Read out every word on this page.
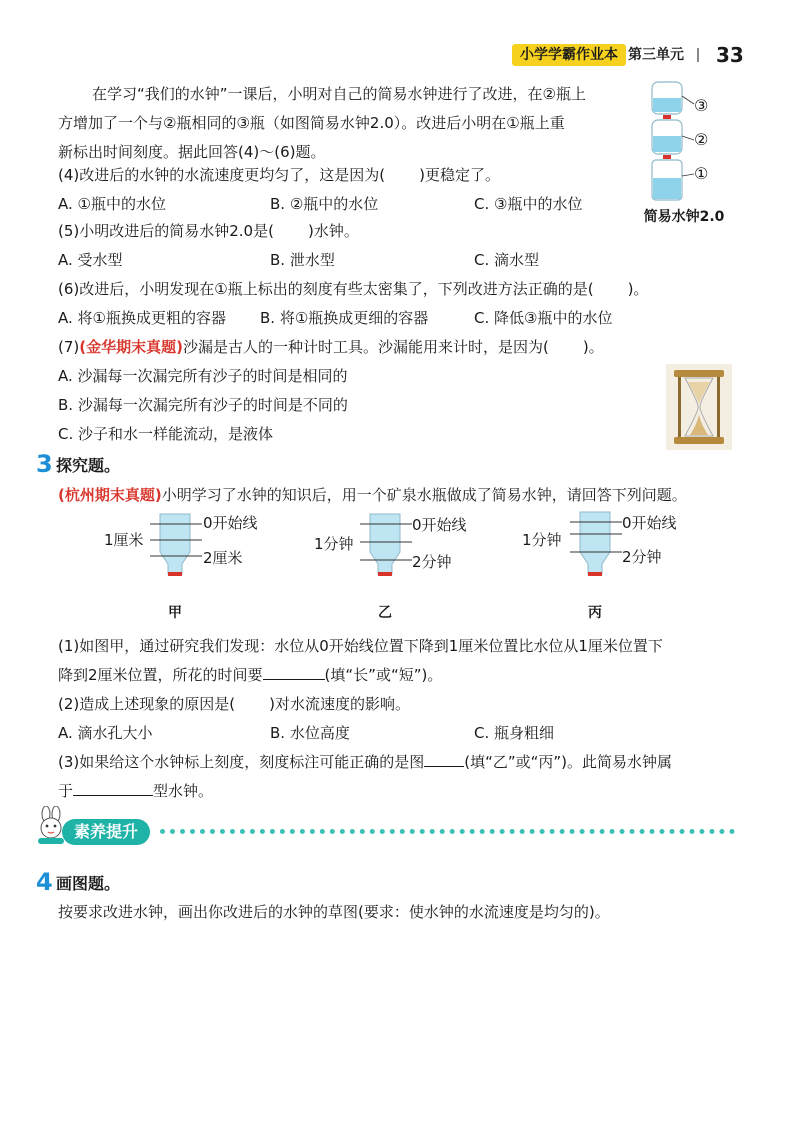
小学学霸作业本 第三单元 33
在学习“我们的水钟”一课后，小明对自己的简易水钟进行了改进，在②瓶上
方增加了一个与②瓶相同的③瓶（如图简易水钟2.0）。改进后小明在①瓶上重
新标出时间刻度。据此回答(4)～(6)题。
③
②
①
简易水钟2.0
(4)改进后的水钟的水流速度更均匀了，这是因为( )更稳定了。
A. ①瓶中的水位	B. ②瓶中的水位	C. ③瓶中的水位
(5)小明改进后的简易水钟2.0是( )水钟。
A. 受水型	B. 泄水型	C. 滴水型
(6)改进后，小明发现在①瓶上标出的刻度有些太密集了，下列改进方法正确的是( )。
A. 将①瓶换成更粗的容器 B. 将①瓶换成更细的容器	C. 降低③瓶中的水位
(7)(金华期末真题)沙漏是古人的一种计时工具。沙漏能用来计时，是因为( )。
A. 沙漏每一次漏完所有沙子的时间是相同的
B. 沙漏每一次漏完所有沙子的时间是不同的
C. 沙子和水一样能流动，是液体
3 探究题。
(杭州期末真题)小明学习了水钟的知识后，用一个矿泉水瓶做成了简易水钟，请回答下列问题。
0开始线
1厘米
2厘米
甲
0开始线
1分钟
2分钟
乙
0开始线
1分钟
2分钟
丙
(1)如图甲，通过研究我们发现：水位从0开始线位置下降到1厘米位置比水位从1厘米位置下
降到2厘米位置，所花的时间要	(填“长”或“短”)。
(2)造成上述现象的原因是( )对水流速度的影响。
A. 滴水孔大小	B. 水位高度	C. 瓶身粗细
(3)如果给这个水钟标上刻度，刻度标注可能正确的是图	(填“乙”或“丙”)。此简易水钟属
于	型水钟。
素养提升
4 画图题。
按要求改进水钟，画出你改进后的水钟的草图(要求：使水钟的水流速度是均匀的)。
